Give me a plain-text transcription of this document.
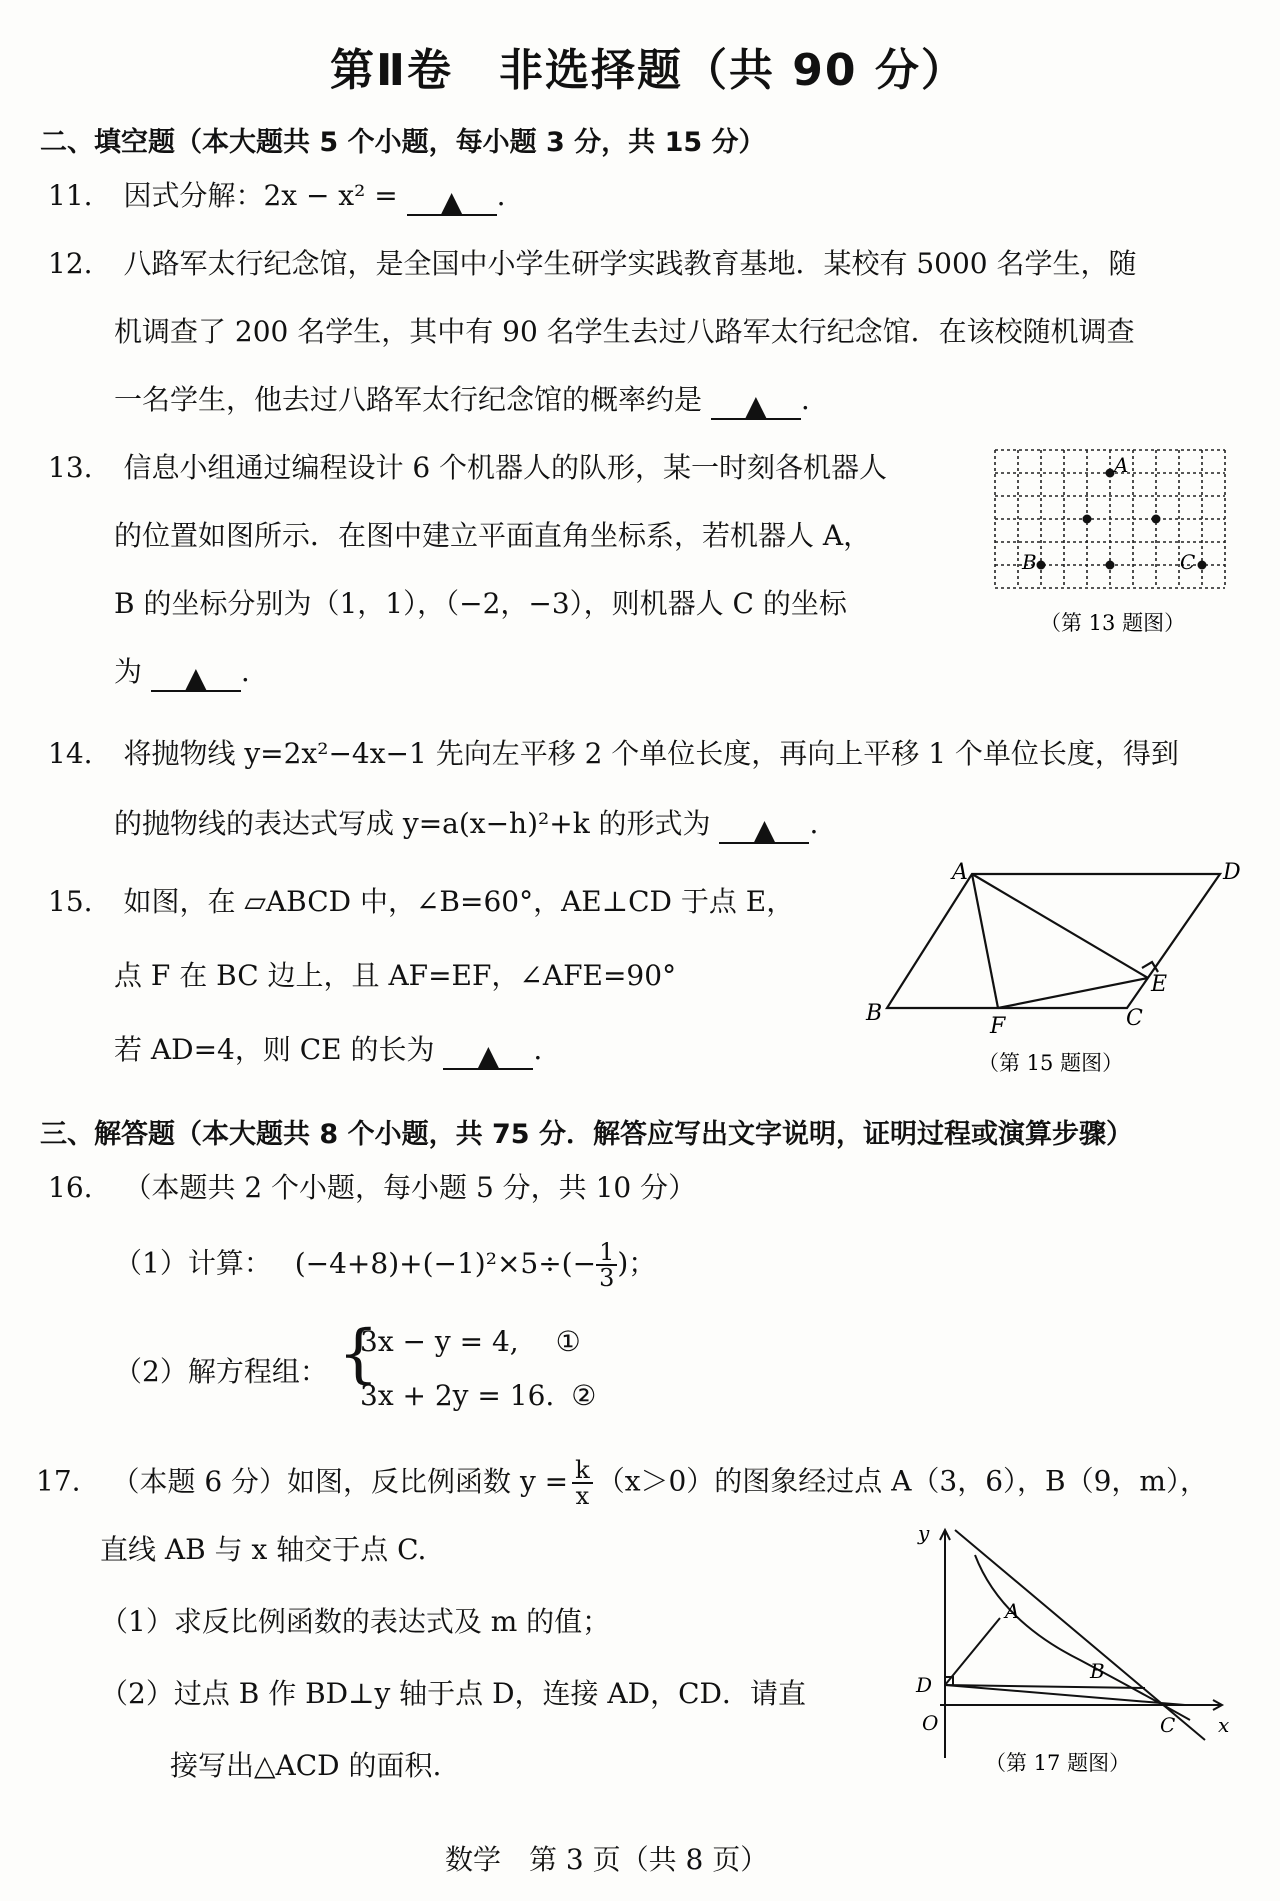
第Ⅱ卷　非选择题（共 90 分）
二、填空题（本大题共 5 个小题，每小题 3 分，共 15 分）
11. 因式分解：2x − x² = ▲ .
12. 八路军太行纪念馆，是全国中小学生研学实践教育基地．某校有 5000 名学生，随
机调查了 200 名学生，其中有 90 名学生去过八路军太行纪念馆．在该校随机调查
一名学生，他去过八路军太行纪念馆的概率约是 ▲ .
13. 信息小组通过编程设计 6 个机器人的队形，某一时刻各机器人
的位置如图所示．在图中建立平面直角坐标系，若机器人 A，
B 的坐标分别为（1，1），（−2，−3），则机器人 C 的坐标
为 ▲ .
A
B	C
（第 13 题图）
14. 将抛物线 y=2x²−4x−1 先向左平移 2 个单位长度，再向上平移 1 个单位长度，得到
的抛物线的表达式写成 y=a(x−h)²+k 的形式为 ▲ .
15. 如图，在 ▱ABCD 中，∠B=60°，AE⊥CD 于点 E，
点 F 在 BC 边上，且 AF=EF，∠AFE=90°
若 AD=4，则 CE 的长为 ▲ .
A	D
B	C
E
F
（第 15 题图）
三、解答题（本大题共 8 个小题，共 75 分．解答应写出文字说明，证明过程或演算步骤）
16. （本题共 2 个小题，每小题 5 分，共 10 分）
（1）计算： $(-4+8)+(-1)^2\times 5\div(- \frac{1}{3}$ )；
（2）解方程组： {
3x − y = 4, ①
3x + 2y = 16. ②
17. （本题 6 分）如图，反比例函数 $y = \frac{k}{x} (x>0)$的图象经过点 A（3，6），B（9，m），
直线 AB 与 x 轴交于点 C.
（1）求反比例函数的表达式及 m 的值；
（2）过点 B 作 BD⊥y 轴于点 D，连接 AD，CD．请直
接写出△ACD 的面积.
y
x
O
D
A
B
C
（第 17 题图）
数学　第 3 页（共 8 页）
